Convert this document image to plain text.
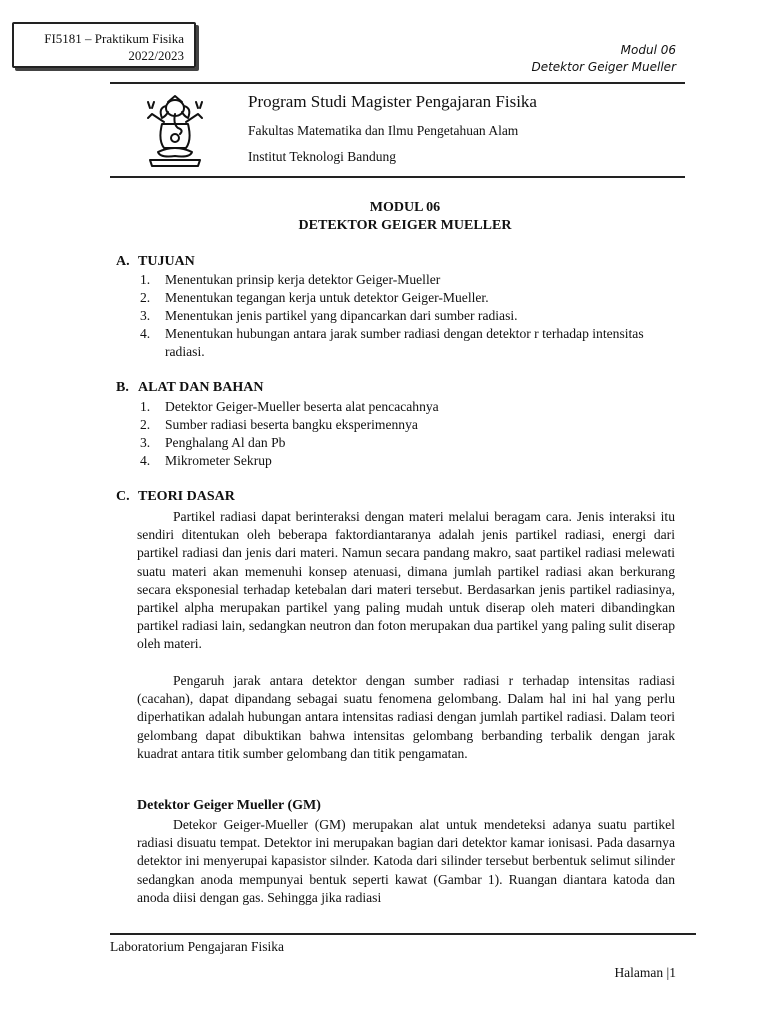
FI5181 – Praktikum Fisika
2022/2023	Modul 06
Detektor Geiger Mueller
Program Studi Magister Pengajaran Fisika
Fakultas Matematika dan Ilmu Pengetahuan Alam
Institut Teknologi Bandung
MODUL 06
DETEKTOR GEIGER MUELLER
A. TUJUAN
1.	Menentukan prinsip kerja detektor Geiger-Mueller
2.	Menentukan tegangan kerja untuk detektor Geiger-Mueller.
3.	Menentukan jenis partikel yang dipancarkan dari sumber radiasi.
4.	Menentukan hubungan antara jarak sumber radiasi dengan detektor r terhadap intensitas radiasi.
B. ALAT DAN BAHAN
1.	Detektor Geiger-Mueller beserta alat pencacahnya
2.	Sumber radiasi beserta bangku eksperimennya
3.	Penghalang Al dan Pb
4.	Mikrometer Sekrup
C. TEORI DASAR

Partikel radiasi dapat berinteraksi dengan materi melalui beragam cara. Jenis interaksi itu sendiri ditentukan oleh beberapa faktordiantaranya adalah jenis partikel radiasi, energi dari partikel radiasi dan jenis dari materi. Namun secara pandang makro, saat partikel radiasi melewati suatu materi akan memenuhi konsep atenuasi, dimana jumlah partikel radiasi akan berkurang secara eksponesial terhadap ketebalan dari materi tersebut. Berdasarkan jenis partikel radiasinya, partikel alpha merupakan partikel yang paling mudah untuk diserap oleh materi dibandingkan partikel radiasi lain, sedangkan neutron dan foton merupakan dua partikel yang paling sulit diserap oleh materi.

Pengaruh jarak antara detektor dengan sumber radiasi r terhadap intensitas radiasi (cacahan), dapat dipandang sebagai suatu fenomena gelombang. Dalam hal ini hal yang perlu diperhatikan adalah hubungan antara intensitas radiasi dengan jumlah partikel radiasi. Dalam teori gelombang dapat dibuktikan bahwa intensitas gelombang berbanding terbalik dengan jarak kuadrat antara titik sumber gelombang dan titik pengamatan.

Detektor Geiger Mueller (GM)

Detekor Geiger-Mueller (GM) merupakan alat untuk mendeteksi adanya suatu partikel radiasi disuatu tempat. Detektor ini merupakan bagian dari detektor kamar ionisasi. Pada dasarnya detektor ini menyerupai kapasistor silnder. Katoda dari silinder tersebut berbentuk selimut silinder sedangkan anoda mempunyai bentuk seperti kawat (Gambar 1). Ruangan diantara katoda dan anoda diisi dengan gas. Sehingga jika radiasi

Laboratorium Pengajaran Fisika
Halaman |1
